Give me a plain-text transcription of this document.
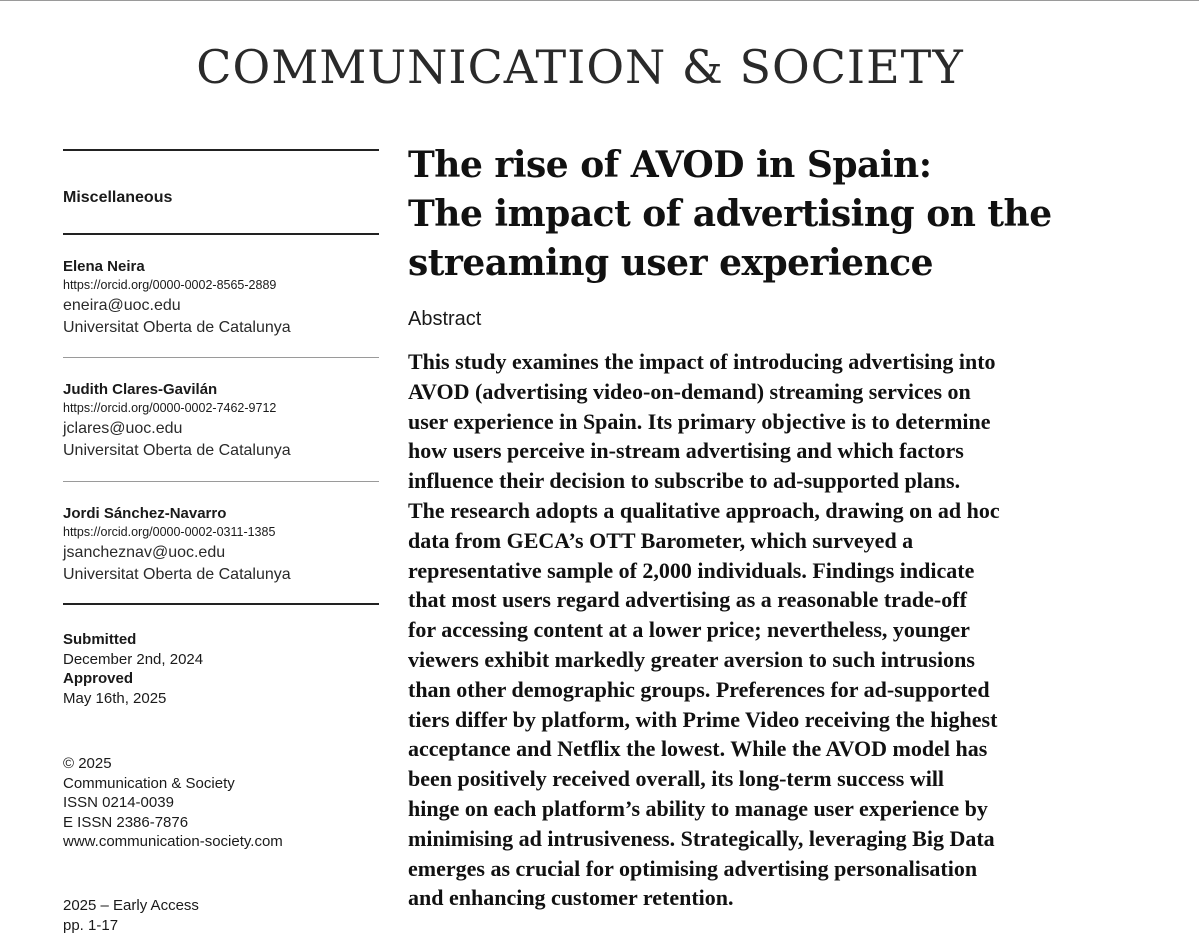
COMMUNICATION & SOCIETY
Miscellaneous
Elena Neira
https://orcid.org/0000-0002-8565-2889
eneira@uoc.edu
Universitat Oberta de Catalunya
Judith Clares-Gavilán
https://orcid.org/0000-0002-7462-9712
jclares@uoc.edu
Universitat Oberta de Catalunya
Jordi Sánchez-Navarro
https://orcid.org/0000-0002-0311-1385
jsancheznav@uoc.edu
Universitat Oberta de Catalunya
Submitted
December 2nd, 2024
Approved
May 16th, 2025
© 2025
Communication & Society
ISSN 0214-0039
E ISSN 2386-7876
www.communication-society.com
2025 – Early Access
pp. 1-17
The rise of AVOD in Spain:
The impact of advertising on the
streaming user experience
Abstract
This study examines the impact of introducing advertising into
AVOD (advertising video-on-demand) streaming services on
user experience in Spain. Its primary objective is to determine
how users perceive in-stream advertising and which factors
influence their decision to subscribe to ad-supported plans.
The research adopts a qualitative approach, drawing on ad hoc
data from GECA’s OTT Barometer, which surveyed a
representative sample of 2,000 individuals. Findings indicate
that most users regard advertising as a reasonable trade-off
for accessing content at a lower price; nevertheless, younger
viewers exhibit markedly greater aversion to such intrusions
than other demographic groups. Preferences for ad-supported
tiers differ by platform, with Prime Video receiving the highest
acceptance and Netflix the lowest. While the AVOD model has
been positively received overall, its long-term success will
hinge on each platform’s ability to manage user experience by
minimising ad intrusiveness. Strategically, leveraging Big Data
emerges as crucial for optimising advertising personalisation
and enhancing customer retention.
